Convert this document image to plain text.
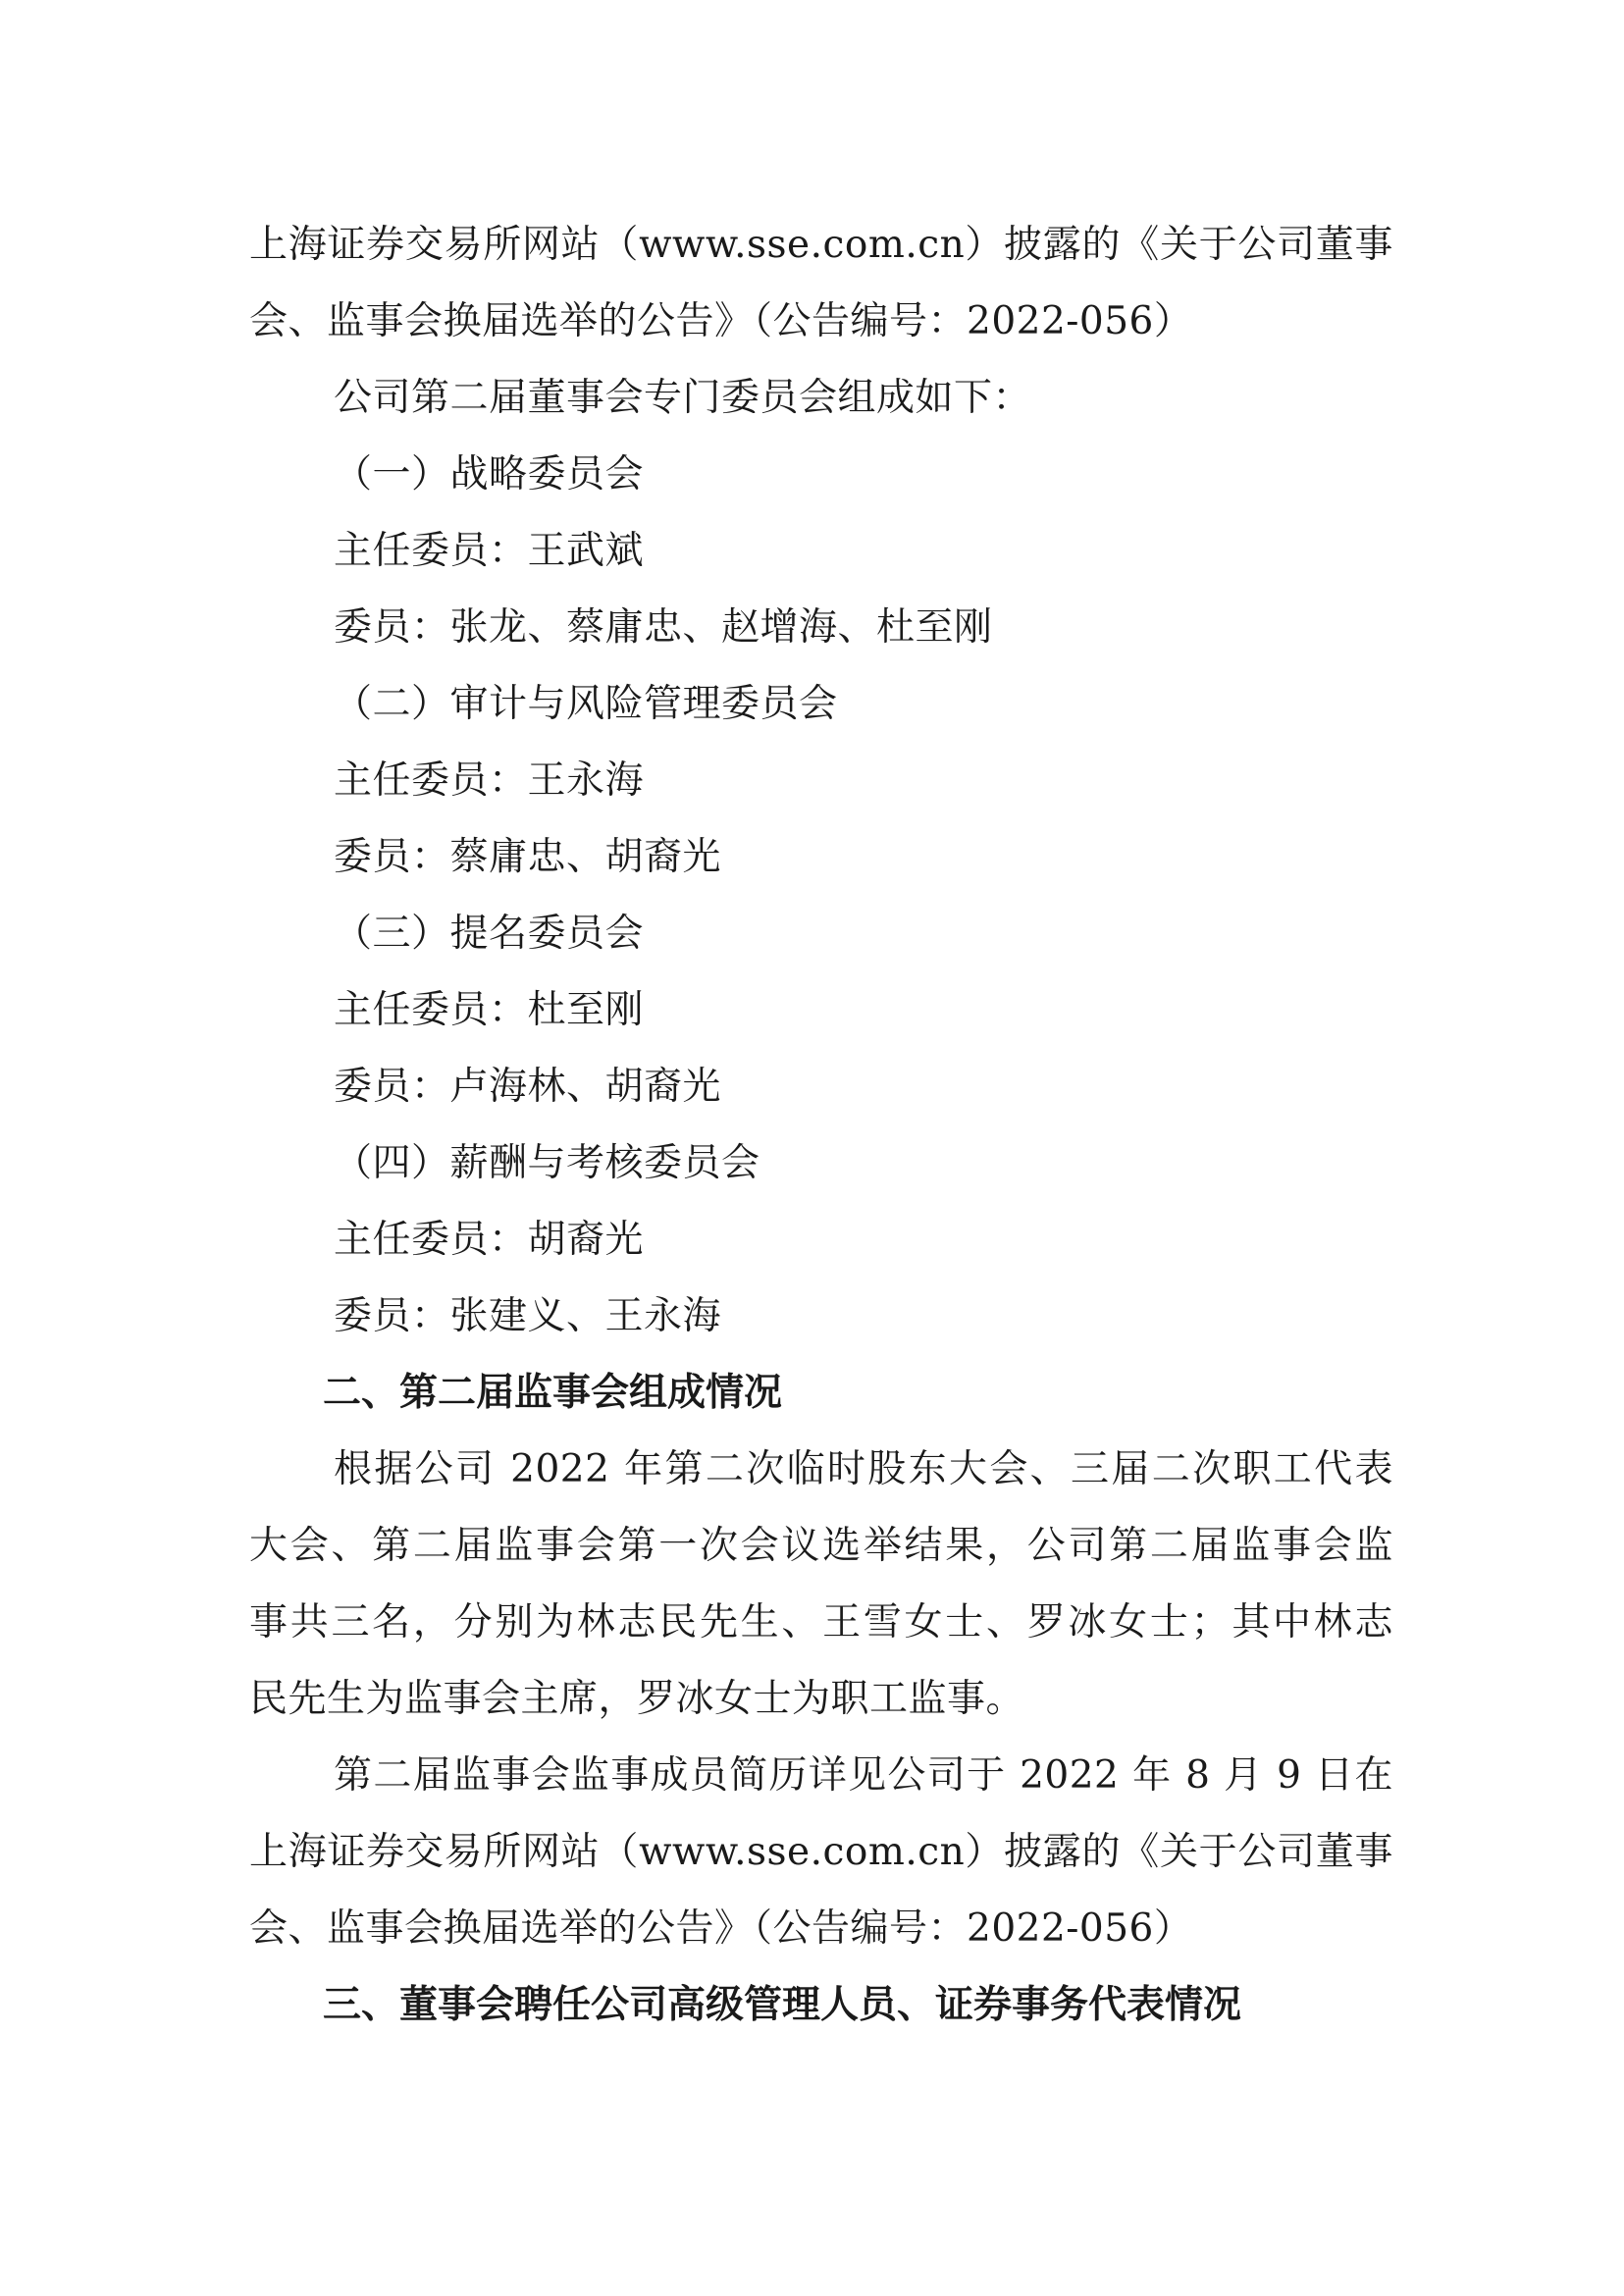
上海证券交易所网站（www.sse.com.cn）披露的《关于公司董事
会、监事会换届选举的公告》（公告编号：2022-056）
公司第二届董事会专门委员会组成如下：
（一）战略委员会
主任委员：王武斌
委员：张龙、蔡庸忠、赵增海、杜至刚
（二）审计与风险管理委员会
主任委员：王永海
委员：蔡庸忠、胡裔光
（三）提名委员会
主任委员：杜至刚
委员：卢海林、胡裔光
（四）薪酬与考核委员会
主任委员：胡裔光
委员：张建义、王永海
二、第二届监事会组成情况
根据公司 2022 年第二次临时股东大会、三届二次职工代表
大会、第二届监事会第一次会议选举结果，公司第二届监事会监
事共三名，分别为林志民先生、王雪女士、罗冰女士；其中林志
民先生为监事会主席，罗冰女士为职工监事。
第二届监事会监事成员简历详见公司于 2022 年 8 月 9 日在
上海证券交易所网站（www.sse.com.cn）披露的《关于公司董事
会、监事会换届选举的公告》（公告编号：2022-056）
三、董事会聘任公司高级管理人员、证券事务代表情况
